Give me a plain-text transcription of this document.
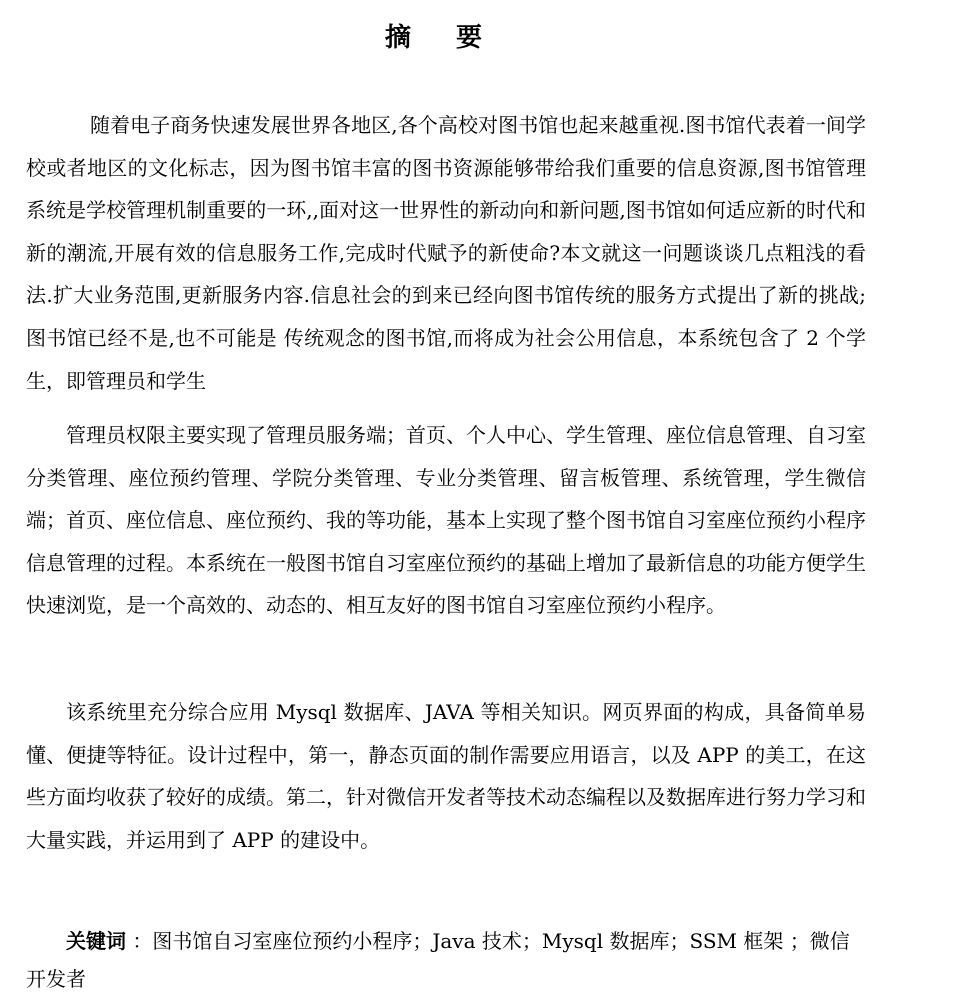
摘 要

随着电子商务快速发展世界各地区,各个高校对图书馆也起来越重视.图书馆代表着一间学校或者地区的文化标志，因为图书馆丰富的图书资源能够带给我们重要的信息资源,图书馆管理系统是学校管理机制重要的一环,,面对这一世界性的新动向和新问题,图书馆如何适应新的时代和新的潮流,开展有效的信息服务工作,完成时代赋予的新使命?本文就这一问题谈谈几点粗浅的看法.扩大业务范围,更新服务内容.信息社会的到来已经向图书馆传统的服务方式提出了新的挑战;图书馆已经不是,也不可能是 传统观念的图书馆,而将成为社会公用信息，本系统包含了 2 个学生，即管理员和学生

管理员权限主要实现了管理员服务端；首页、个人中心、学生管理、座位信息管理、自习室分类管理、座位预约管理、学院分类管理、专业分类管理、留言板管理、系统管理，学生微信端；首页、座位信息、座位预约、我的等功能，基本上实现了整个图书馆自习室座位预约小程序信息管理的过程。本系统在一般图书馆自习室座位预约的基础上增加了最新信息的功能方便学生快速浏览，是一个高效的、动态的、相互友好的图书馆自习室座位预约小程序。

该系统里充分综合应用 Mysql 数据库、JAVA 等相关知识。网页界面的构成，具备简单易懂、便捷等特征。设计过程中，第一，静态页面的制作需要应用语言，以及 APP 的美工，在这些方面均收获了较好的成绩。第二，针对微信开发者等技术动态编程以及数据库进行努力学习和大量实践，并运用到了 APP 的建设中。

关键词 ：图书馆自习室座位预约小程序；Java 技术；Mysql 数据库；SSM 框架 ；微信开发者
